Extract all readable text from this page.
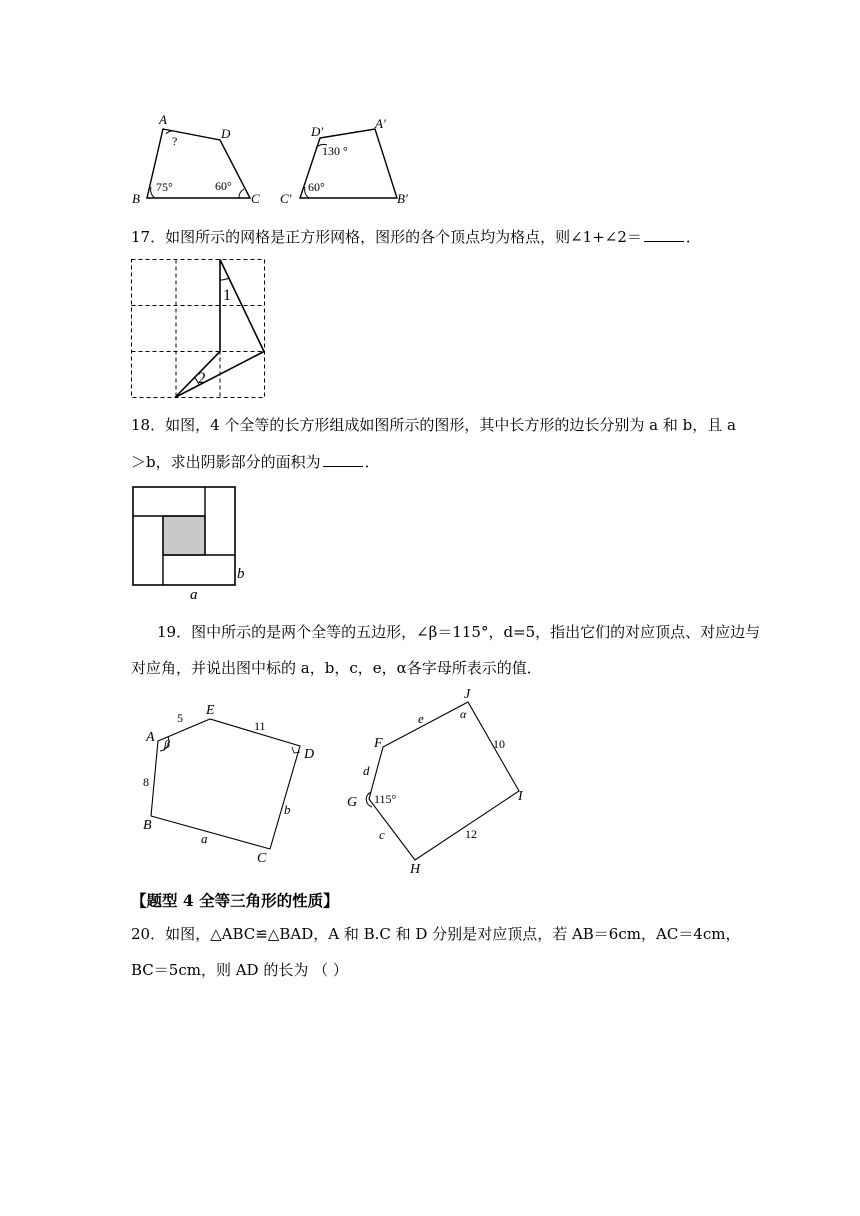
A
D
B	C
?
75°	60°
D′
A′
C′	B′
130 °
60°
17．如图所示的网格是正方形网格，图形的各个顶点均为格点，则∠1+∠2＝	．
1
2
18．如图，4 个全等的长方形组成如图所示的图形，其中长方形的边长分别为 a 和 b，且 a
＞b，求出阴影部分的面积为	．
b
a
19．图中所示的是两个全等的五边形，∠β＝115°，d=5，指出它们的对应顶点、对应边与
对应角，并说出图中标的 a，b，c，e，α各字母所表示的值．
A
E
D
B
C
5
11
8
b
a
β
J
F
G
H
I
e
d
c
10
12
α
115°
【题型 4 全等三角形的性质】
20．如图，△ABC≌△BAD，A 和 B.C 和 D 分别是对应顶点，若 AB＝6cm，AC＝4cm，
BC＝5cm，则 AD 的长为 （ ）
